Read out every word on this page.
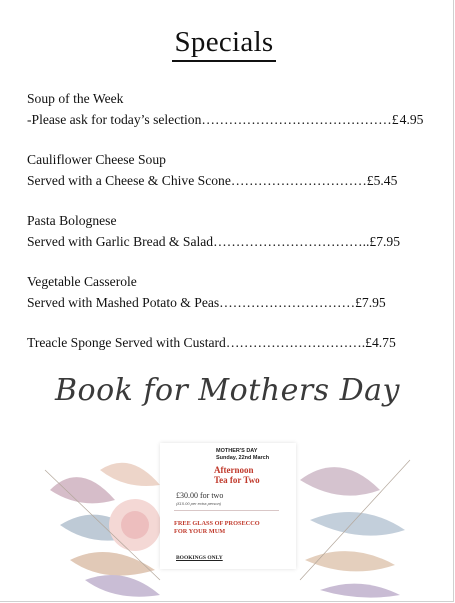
Specials
Soup of the Week
-Please ask for today’s selection……………………………………£ 4.95
Cauliflower Cheese Soup
Served with a Cheese & Chive Scone…………………………£5.45
Pasta Bolognese
Served with Garlic Bread & Salad……………………………..£7.95
Vegetable Casserole
Served with Mashed Potato & Peas…………………………£7.95
Treacle Sponge Served with Custard………………………….£4.75
Book for Mothers Day
MOTHER'S DAY
Sunday, 22nd March
Afternoon
Tea for Two
£30.00 for two
(£15.00 per extra person)
FREE GLASS OF PROSECCO
FOR YOUR MUM
BOOKINGS ONLY
